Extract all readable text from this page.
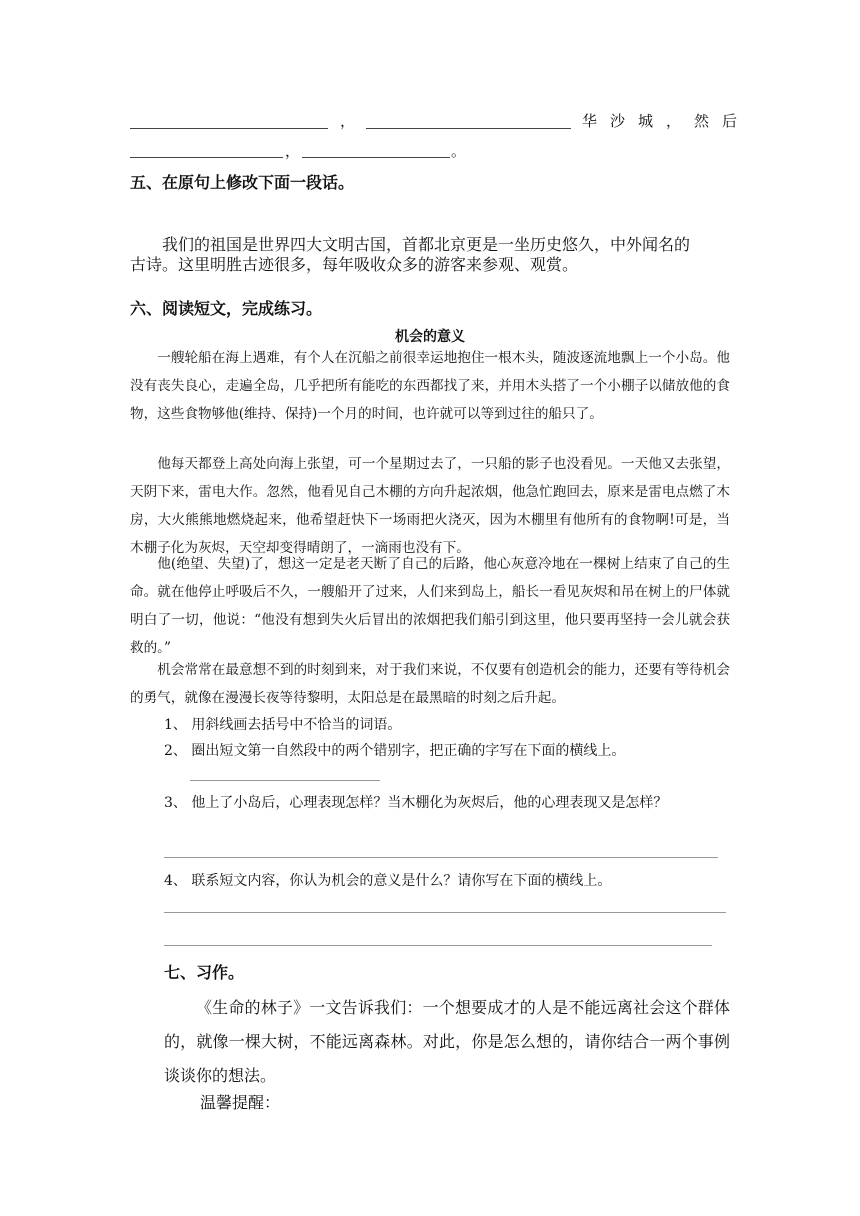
，	华沙城，然后
，	。
五、在原句上修改下面一段话。
我们的祖国是世界四大文明古国，首都北京更是一坐历史悠久，中外闻名的
古诗。这里明胜古迹很多，每年吸收众多的游客来参观、观赏。
六、阅读短文，完成练习。
机会的意义
一艘轮船在海上遇难，有个人在沉船之前很幸运地抱住一根木头，随波逐流地飘上一个小岛。他没有丧失良心，走遍全岛，几乎把所有能吃的东西都找了来，并用木头搭了一个小棚子以储放他的食物，这些食物够他(维持、保持)一个月的时间，也许就可以等到过往的船只了。
他每天都登上高处向海上张望，可一个星期过去了，一只船的影子也没看见。一天他又去张望，天阴下来，雷电大作。忽然，他看见自己木棚的方向升起浓烟，他急忙跑回去，原来是雷电点燃了木房，大火熊熊地燃烧起来，他希望赶快下一场雨把火浇灭，因为木棚里有他所有的食物啊!可是，当木棚子化为灰烬，天空却变得晴朗了，一滴雨也没有下。
他(绝望、失望)了，想这一定是老天断了自己的后路，他心灰意冷地在一棵树上结束了自己的生命。就在他停止呼吸后不久，一艘船开了过来，人们来到岛上，船长一看见灰烬和吊在树上的尸体就明白了一切，他说：“他没有想到失火后冒出的浓烟把我们船引到这里，他只要再坚持一会儿就会获救的。”
机会常常在最意想不到的时刻到来，对于我们来说，不仅要有创造机会的能力，还要有等待机会的勇气，就像在漫漫长夜等待黎明，太阳总是在最黑暗的时刻之后升起。
1、 用斜线画去括号中不恰当的词语。
2、 圈出短文第一自然段中的两个错别字，把正确的字写在下面的横线上。
3、 他上了小岛后，心理表现怎样？当木棚化为灰烬后，他的心理表现又是怎样？
4、 联系短文内容，你认为机会的意义是什么？请你写在下面的横线上。
七、习作。
《生命的林子》一文告诉我们：一个想要成才的人是不能远离社会这个群体的，就像一棵大树，不能远离森林。对此，你是怎么想的，请你结合一两个事例谈谈你的想法。
温馨提醒：
